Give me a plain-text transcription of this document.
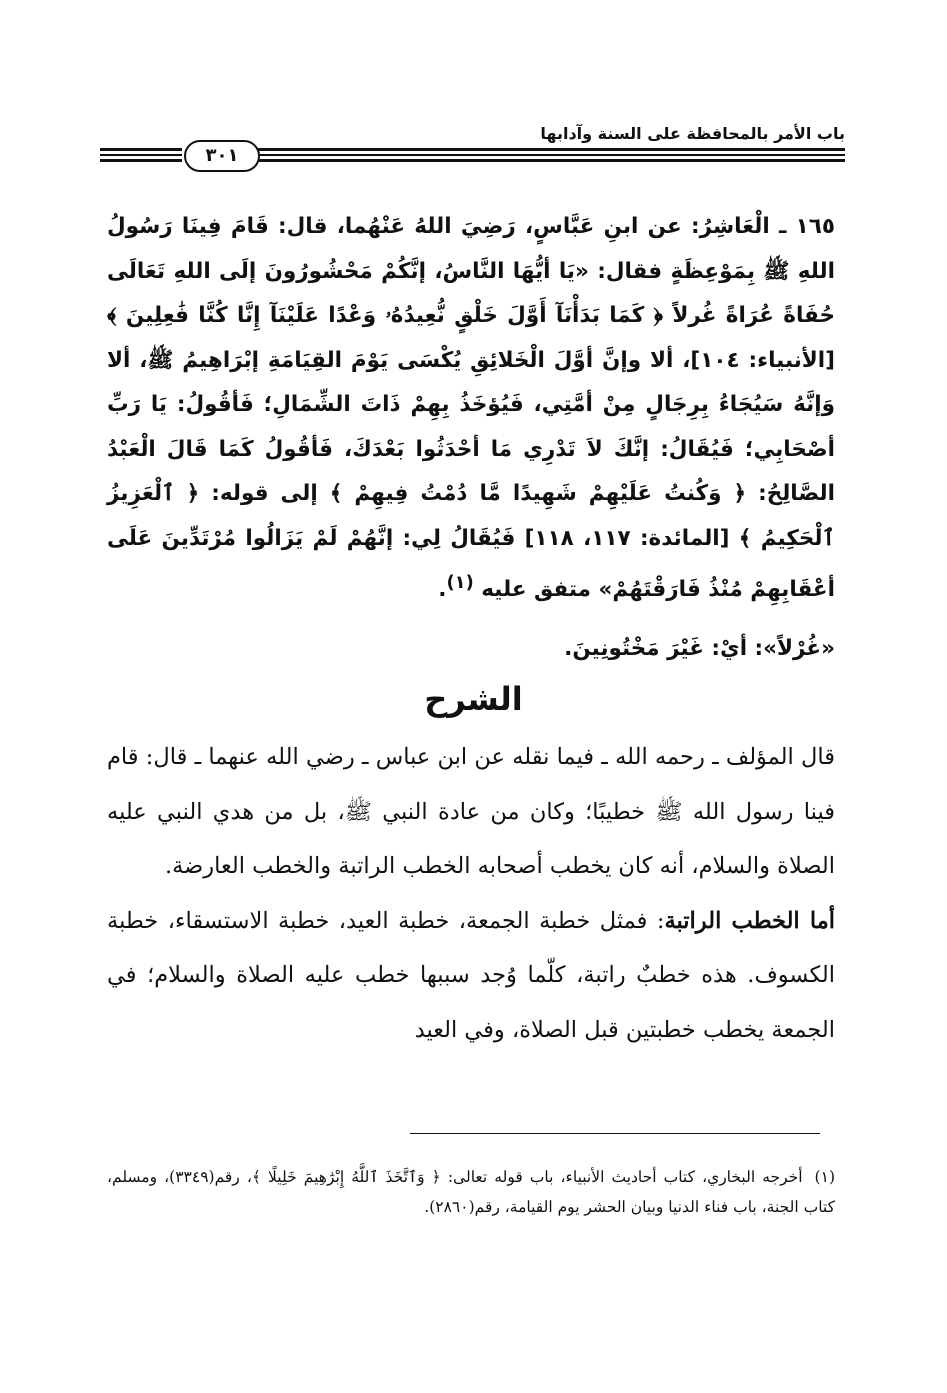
باب الأمر بالمحافظة على السنة وآدابها
٣٠١

١٦٥ ـ الْعَاشِرُ: عن ابنِ عَبَّاسٍ، رَضِيَ اللهُ عَنْهُما، قال: قَامَ فِينَا رَسُولُ اللهِ ﷺ بِمَوْعِظَةٍ فقال: «يَا أيُّهَا النَّاسُ، إنَّكُمْ مَحْشُورُونَ إلَى اللهِ تَعَالَى حُفَاةً عُرَاةً غُرلاً ﴿ كَمَا بَدَأْنَآ أَوَّلَ خَلْقٍ نُّعِيدُهُۥ وَعْدًا عَلَيْنَآ إِنَّا كُنَّا فَٰعِلِينَ ﴾ [الأنبياء: ١٠٤]، ألا وإنَّ أوَّلَ الْخَلائِقِ يُكْسَى يَوْمَ القِيَامَةِ إبْرَاهِيمُ ﷺ، ألا وَإنَّهُ سَيُجَاءُ بِرِجَالٍ مِنْ أمَّتِي، فَيُؤخَذُ بِهِمْ ذَاتَ الشِّمَالِ؛ فَأقُولُ: يَا رَبِّ أصْحَابِي؛ فَيُقَالُ: إنَّكَ لاَ تَدْرِي مَا أحْدَثُوا بَعْدَكَ، فَأقُولُ كَمَا قَالَ الْعَبْدُ الصَّالِحُ: ﴿ وَكُنتُ عَلَيْهِمْ شَهِيدًا مَّا دُمْتُ فِيهِمْ ﴾ إلى قوله: ﴿ ٱلْعَزِيزُ ٱلْحَكِيمُ ﴾ [المائدة: ١١٧، ١١٨] فَيُقَالُ لِي: إنَّهُمْ لَمْ يَزَالُوا مُرْتَدِّينَ عَلَى أعْقَابِهِمْ مُنْذُ فَارَقْتَهُمْ» متفق عليه $^{(١)}$.

«غُرْلاً»: أيْ: غَيْرَ مَخْتُونِينَ.
الشرح

قال المؤلف ـ رحمه الله ـ فيما نقله عن ابن عباس ـ رضي الله عنهما ـ قال: قام فينا رسول الله ﷺ خطيبًا؛ وكان من عادة النبي ﷺ، بل من هدي النبي عليه الصلاة والسلام، أنه كان يخطب أصحابه الخطب الراتبة والخطب العارضة.

أما الخطب الراتبة: فمثل خطبة الجمعة، خطبة العيد، خطبة الاستسقاء، خطبة الكسوف. هذه خطبٌ راتبة، كلّما وُجد سببها خطب عليه الصلاة والسلام؛ في الجمعة يخطب خطبتين قبل الصلاة، وفي العيد

(١)أخرجه البخاري، كتاب أحاديث الأنبياء، باب قوله تعالى: ﴿ وَٱتَّخَذَ ٱللَّهُ إِبْرَٰهِيمَ خَلِيلًا ﴾، رقم(٣٣٤٩)، ومسلم، كتاب الجنة، باب فناء الدنيا وبيان الحشر يوم القيامة، رقم(٢٨٦٠).
